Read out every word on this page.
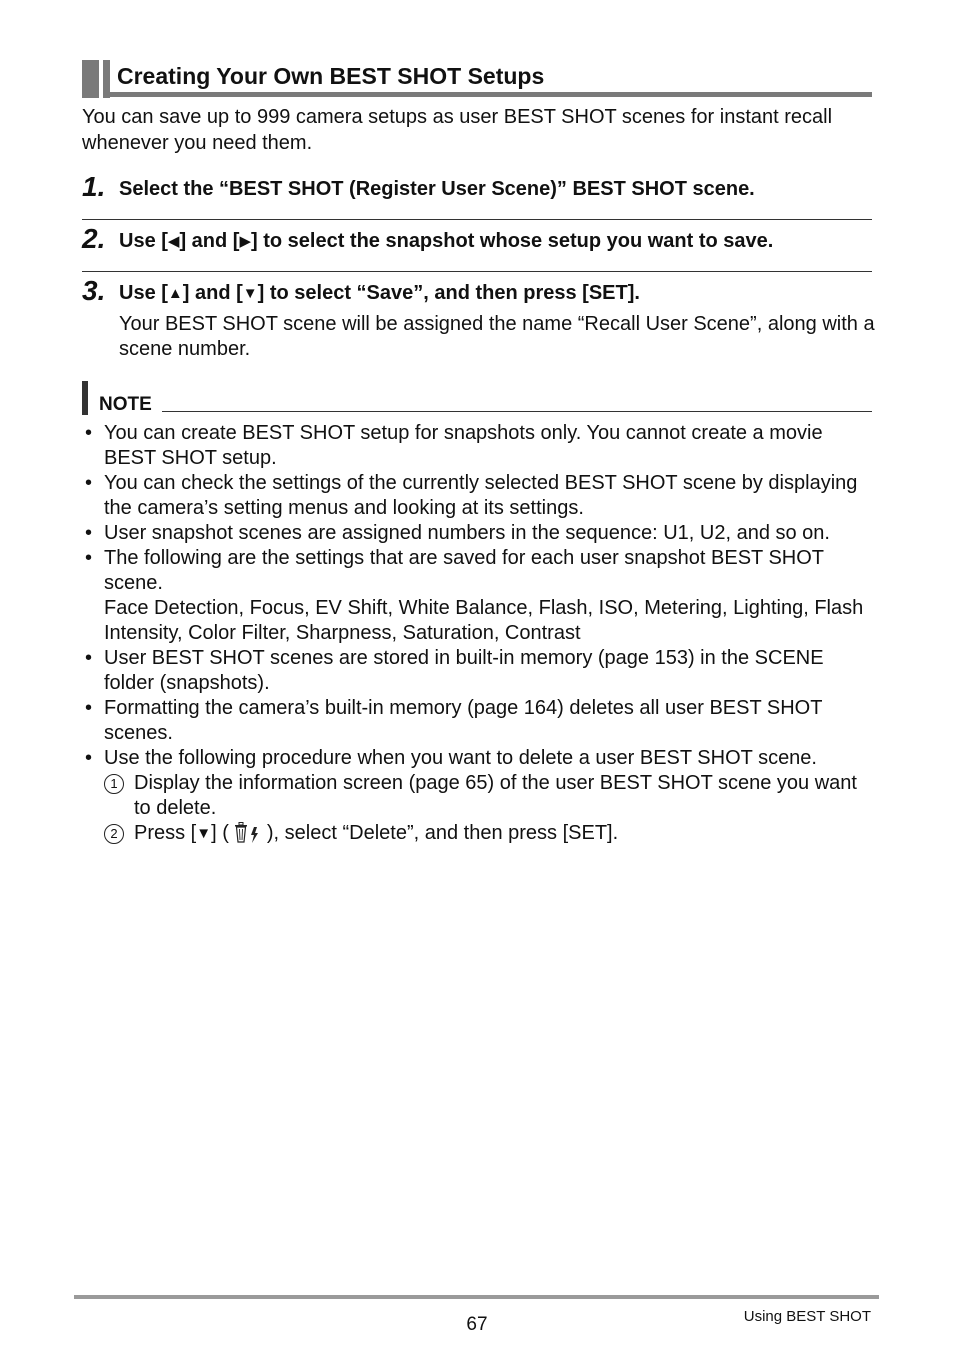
Creating Your Own BEST SHOT Setups
You can save up to 999 camera setups as user BEST SHOT scenes for instant recall whenever you need them.
1. Select the “BEST SHOT (Register User Scene)” BEST SHOT scene.
2. Use [◀] and [▶] to select the snapshot whose setup you want to save.
3. Use [▲] and [▼] to select “Save”, and then press [SET].
Your BEST SHOT scene will be assigned the name “Recall User Scene”, along with a scene number.
NOTE
• You can create BEST SHOT setup for snapshots only. You cannot create a movie BEST SHOT setup.
• You can check the settings of the currently selected BEST SHOT scene by displaying the camera’s setting menus and looking at its settings.
• User snapshot scenes are assigned numbers in the sequence: U1, U2, and so on.
• The following are the settings that are saved for each user snapshot BEST SHOT scene.
Face Detection, Focus, EV Shift, White Balance, Flash, ISO, Metering, Lighting, Flash Intensity, Color Filter, Sharpness, Saturation, Contrast
• User BEST SHOT scenes are stored in built-in memory (page 153) in the SCENE folder (snapshots).
• Formatting the camera’s built-in memory (page 164) deletes all user BEST SHOT scenes.
• Use the following procedure when you want to delete a user BEST SHOT scene.
1 Display the information screen (page 65) of the user BEST SHOT scene you want to delete.
2 Press [▼] ( ), select “Delete”, and then press [SET].
67	Using BEST SHOT
